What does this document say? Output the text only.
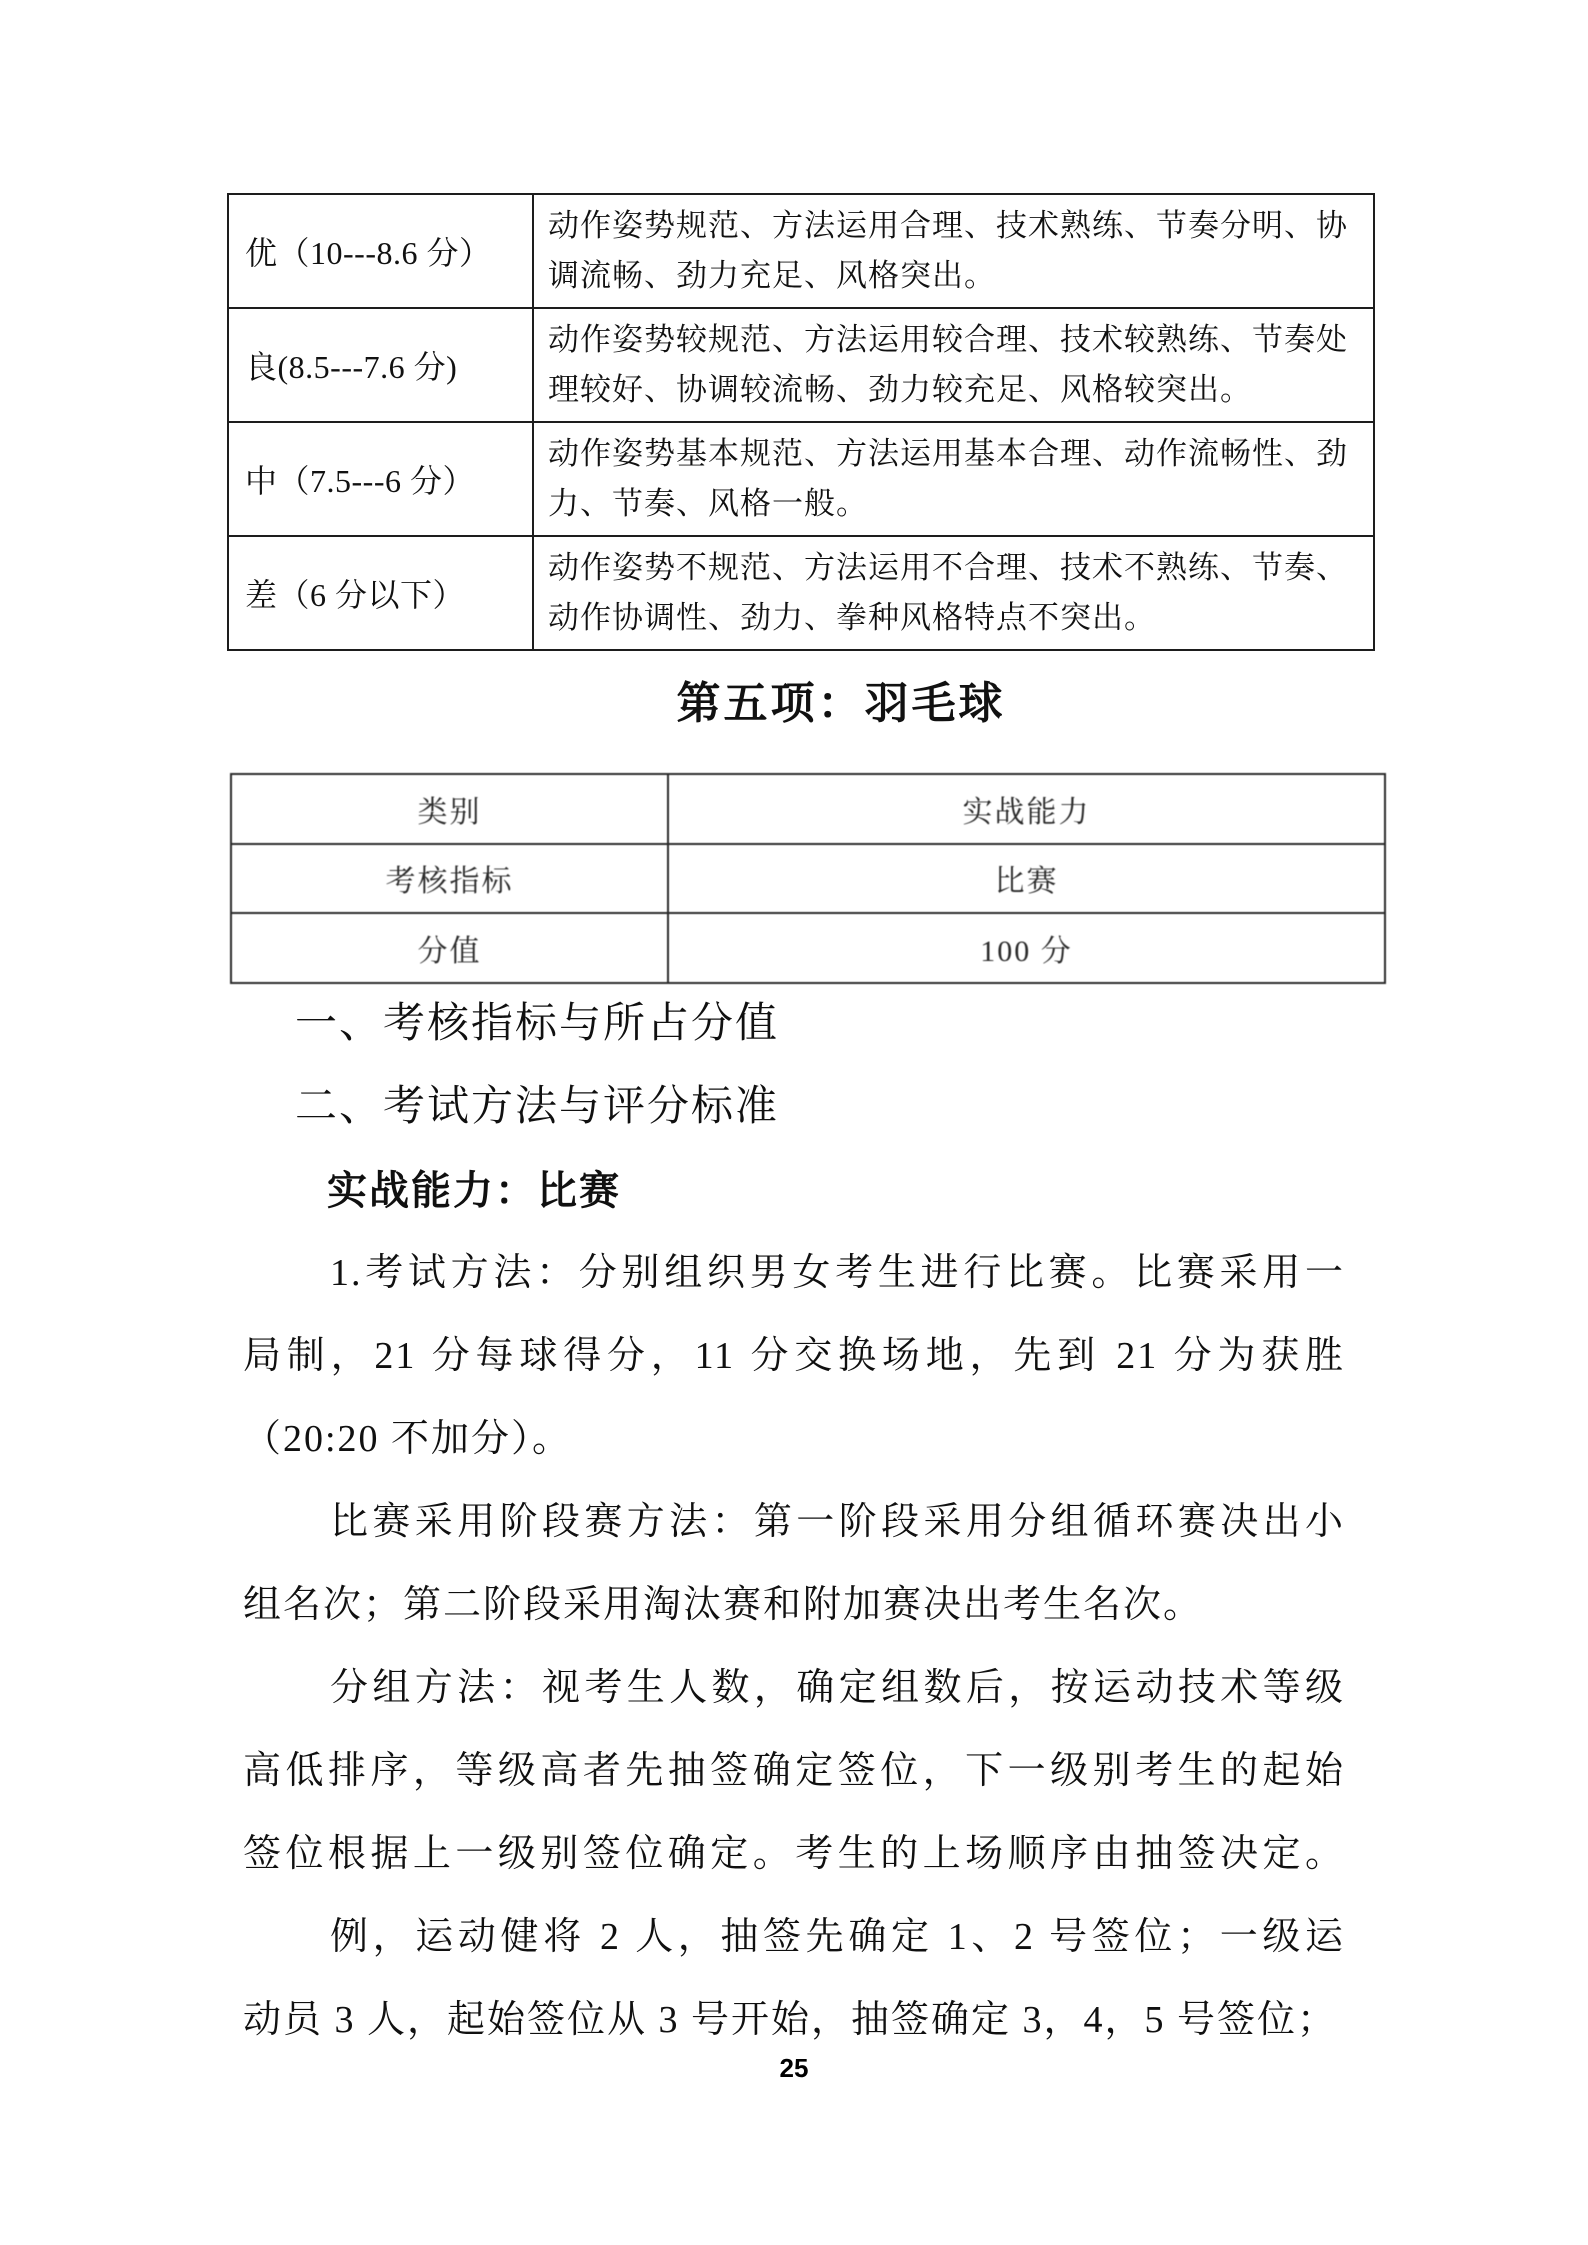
优（10---8.6 分）	动作姿势规范、方法运用合理、技术熟练、节奏分明、协调流畅、劲力充足、风格突出。
良(8.5---7.6 分)	动作姿势较规范、方法运用较合理、技术较熟练、节奏处理较好、协调较流畅、劲力较充足、风格较突出。
中（7.5---6 分）	动作姿势基本规范、方法运用基本合理、动作流畅性、劲力、节奏、风格一般。
差（6 分以下）	动作姿势不规范、方法运用不合理、技术不熟练、节奏、动作协调性、劲力、拳种风格特点不突出。
第五项：羽毛球
类别	实战能力
考核指标	比赛
分值	100 分
一、考核指标与所占分值
二、考试方法与评分标准
实战能力：比赛
1.考试方法：分别组织男女考生进行比赛。比赛采用一
局制，21 分每球得分，11 分交换场地，先到 21 分为获胜
（20:20 不加分）。
比赛采用阶段赛方法：第一阶段采用分组循环赛决出小
组名次；第二阶段采用淘汰赛和附加赛决出考生名次。
分组方法：视考生人数，确定组数后，按运动技术等级
高低排序，等级高者先抽签确定签位，下一级别考生的起始
签位根据上一级别签位确定。考生的上场顺序由抽签决定。
例，运动健将 2 人，抽签先确定 1、2 号签位；一级运
动员 3 人，起始签位从 3 号开始，抽签确定 3，4，5 号签位；
25
